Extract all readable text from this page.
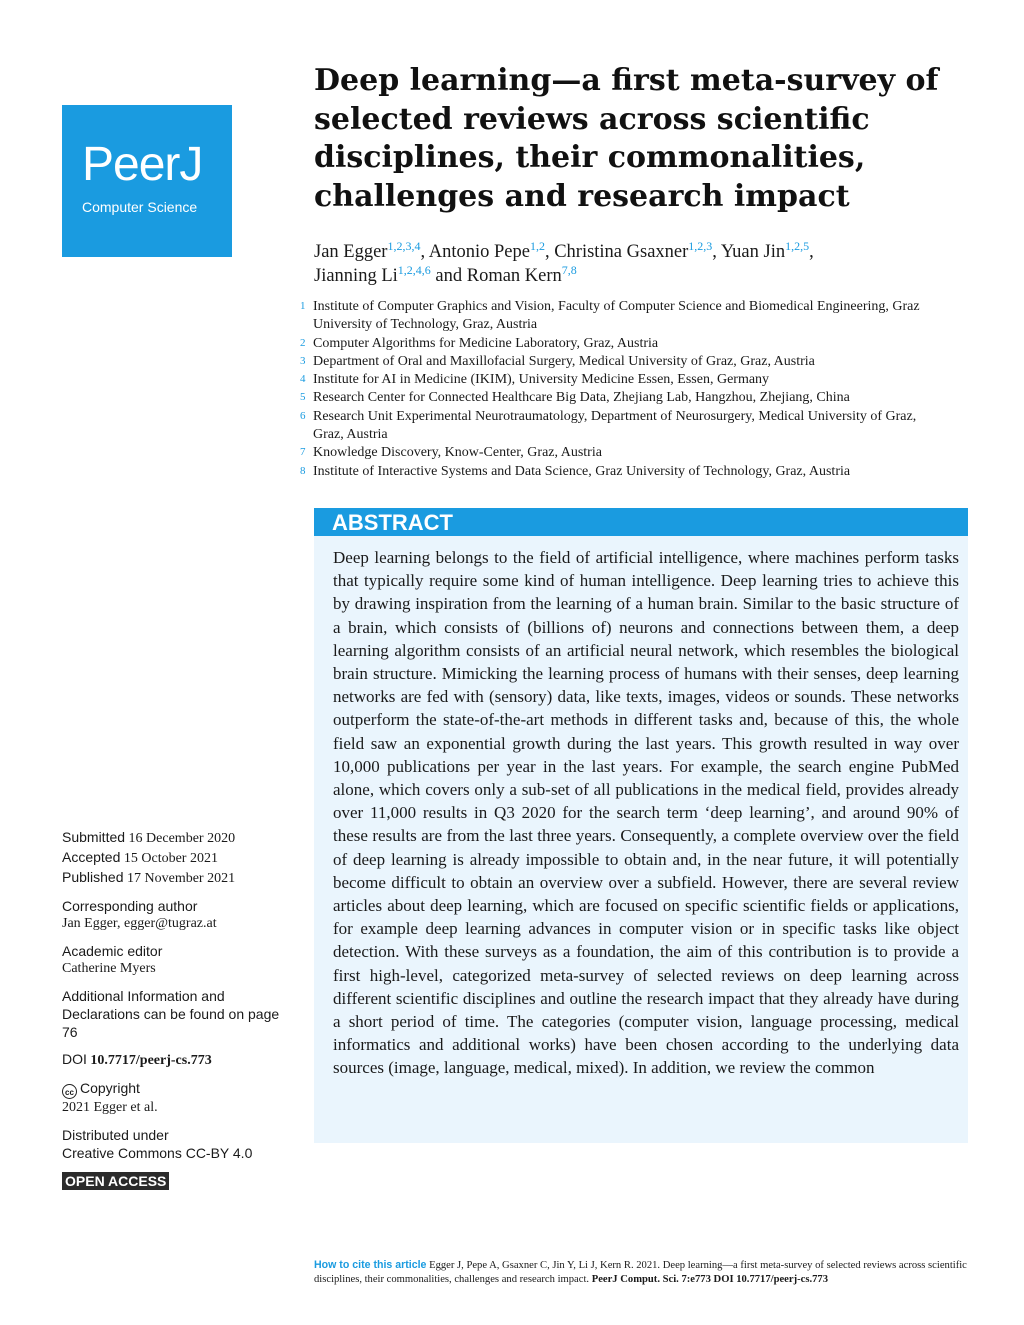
PeerJ
Computer Science
Deep learning—a first meta-survey of selected reviews across scientific disciplines, their commonalities, challenges and research impact
Jan Egger$^{1,2,3,4}$, Antonio Pepe$^{1,2}$, Christina Gsaxner$^{1,2,3}$, Yuan Jin$^{1,2,5}$,
Jianning Li$^{1,2,4,6}$ and Roman Kern$^{7,8}$
1 Institute of Computer Graphics and Vision, Faculty of Computer Science and Biomedical Engineering, Graz University of Technology, Graz, Austria
2 Computer Algorithms for Medicine Laboratory, Graz, Austria
3 Department of Oral and Maxillofacial Surgery, Medical University of Graz, Graz, Austria
4 Institute for AI in Medicine (IKIM), University Medicine Essen, Essen, Germany
5 Research Center for Connected Healthcare Big Data, Zhejiang Lab, Hangzhou, Zhejiang, China
6 Research Unit Experimental Neurotraumatology, Department of Neurosurgery, Medical University of Graz, Graz, Austria
7 Knowledge Discovery, Know-Center, Graz, Austria
8 Institute of Interactive Systems and Data Science, Graz University of Technology, Graz, Austria
ABSTRACT
Deep learning belongs to the field of artificial intelligence, where machines perform tasks that typically require some kind of human intelligence. Deep learning tries to achieve this by drawing inspiration from the learning of a human brain. Similar to the basic structure of a brain, which consists of (billions of) neurons and connections between them, a deep learning algorithm consists of an artificial neural network, which resembles the biological brain structure. Mimicking the learning process of humans with their senses, deep learning networks are fed with (sensory) data, like texts, images, videos or sounds. These networks outperform the state-of-the-art methods in different tasks and, because of this, the whole field saw an exponential growth during the last years. This growth resulted in way over 10,000 publications per year in the last years. For example, the search engine PubMed alone, which covers only a sub-set of all publications in the medical field, provides already over 11,000 results in Q3 2020 for the search term ‘deep learning’, and around 90% of these results are from the last three years. Consequently, a complete overview over the field of deep learning is already impossible to obtain and, in the near future, it will potentially become difficult to obtain an overview over a subfield. However, there are several review articles about deep learning, which are focused on specific scientific fields or applications, for example deep learning advances in computer vision or in specific tasks like object detection. With these surveys as a foundation, the aim of this contribution is to provide a first high-level, categorized meta-survey of selected reviews on deep learning across different scientific disciplines and outline the research impact that they already have during a short period of time. The categories (computer vision, language processing, medical informatics and additional works) have been chosen according to the underlying data sources (image, language, medical, mixed). In addition, we review the common
Submitted 16 December 2020
Accepted 15 October 2021
Published 17 November 2021
Corresponding author
Jan Egger, egger@tugraz.at
Academic editor
Catherine Myers
Additional Information and Declarations can be found on page 76
DOI 10.7717/peerj-cs.773
cc Copyright
2021 Egger et al.
Distributed under
Creative Commons CC-BY 4.0
OPEN ACCESS
How to cite this article Egger J, Pepe A, Gsaxner C, Jin Y, Li J, Kern R. 2021. Deep learning—a first meta-survey of selected reviews across scientific disciplines, their commonalities, challenges and research impact. PeerJ Comput. Sci. 7:e773 DOI 10.7717/peerj-cs.773
